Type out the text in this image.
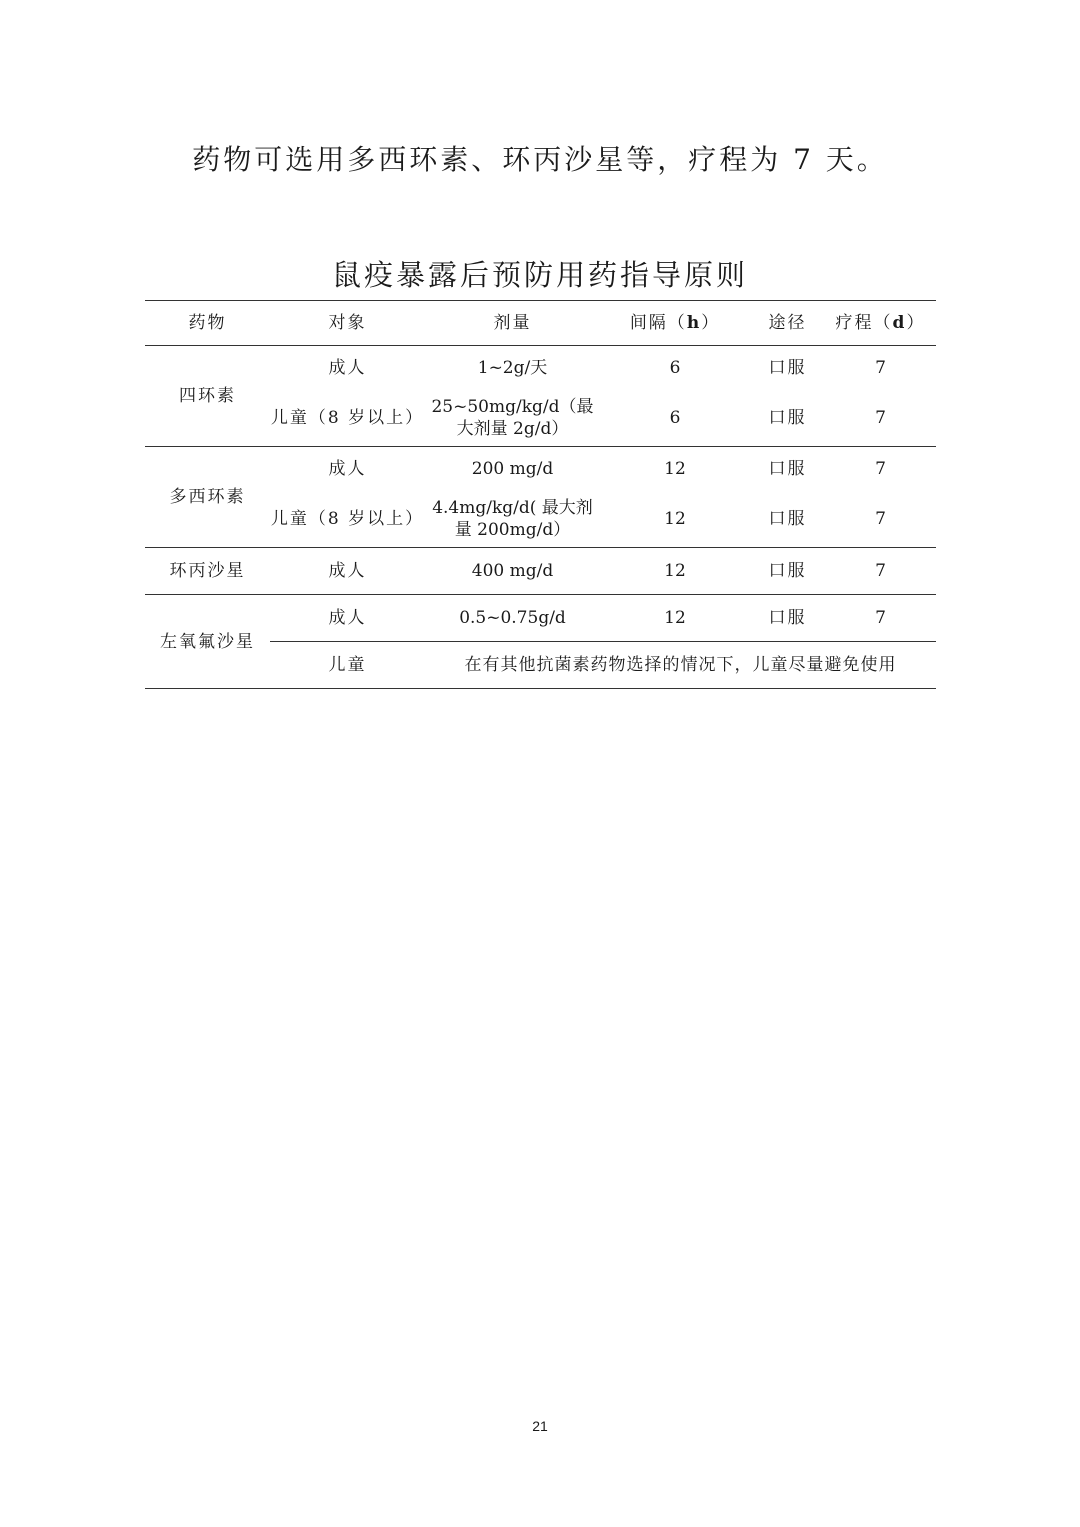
药物可选用多西环素、环丙沙星等，疗程为 7 天。

鼠疫暴露后预防用药指导原则
药物	对象	剂量	间隔（h）	途径	疗程（d）
四环素	成人	1~2g/天	6	口服	7
	儿童（8 岁以上）	25~50mg/kg/d（最
大剂量 2g/d）	6	口服	7
多西环素	成人	200 mg/d	12	口服	7
	儿童（8 岁以上）	4.4mg/kg/d( 最大剂
量 200mg/d）	12	口服	7
环丙沙星	成人	400 mg/d	12	口服	7
左氧氟沙星	成人	0.5~0.75g/d	12	口服	7
	儿童	在有其他抗菌素药物选择的情况下，儿童尽量避免使用			
21
